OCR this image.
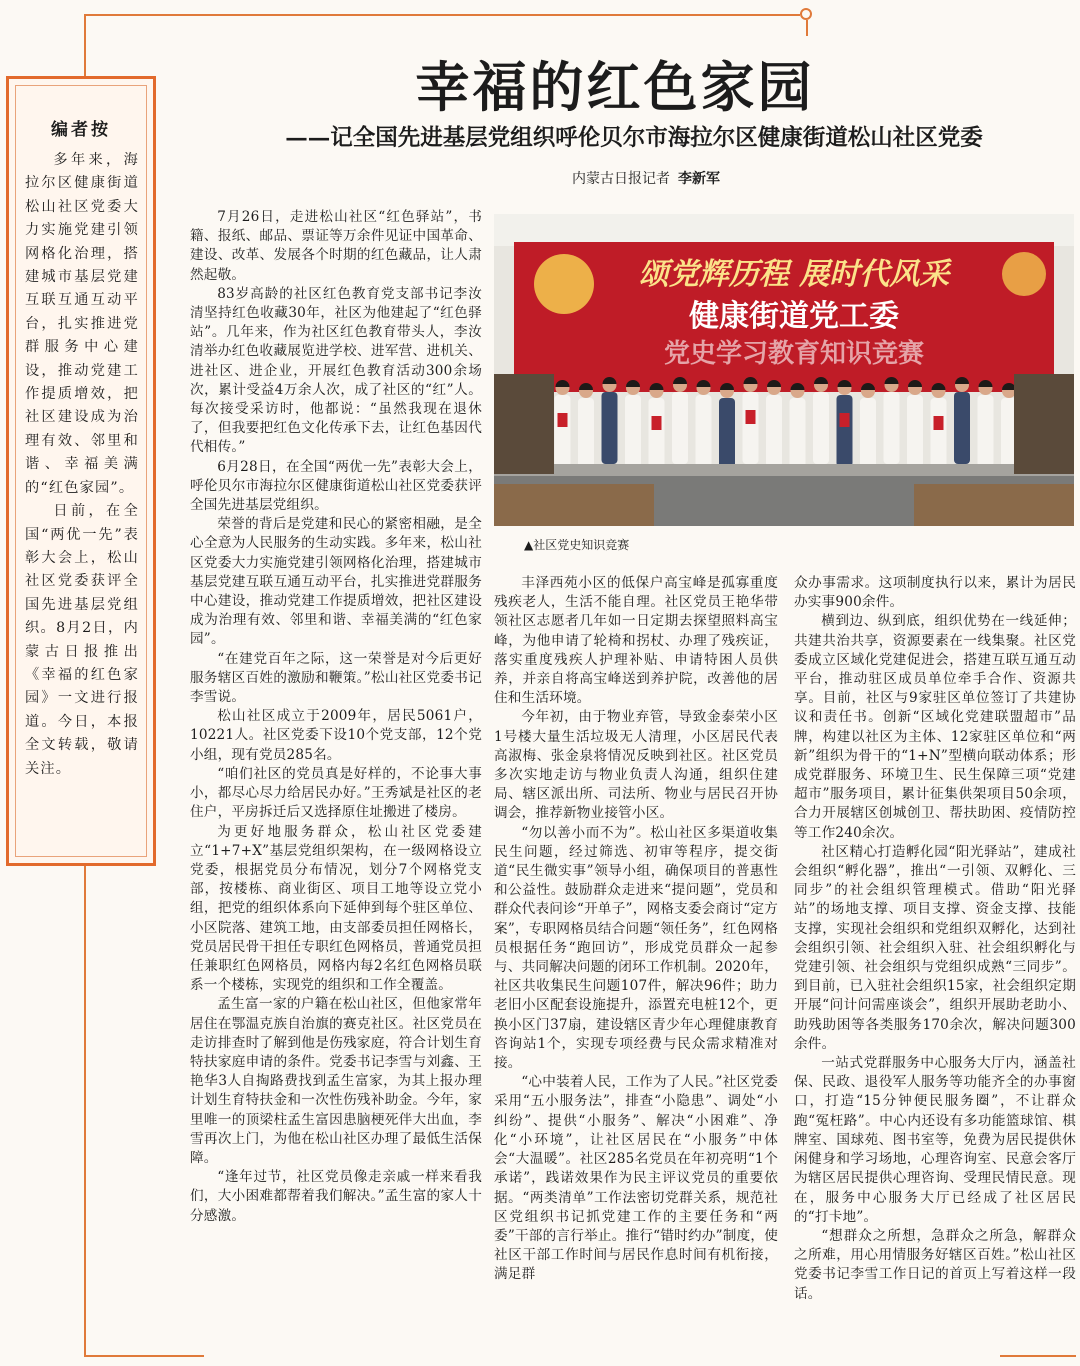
编者按

多年来，海拉尔区健康街道松山社区党委大力实施党建引领网格化治理，搭建城市基层党建互联互通互动平台，扎实推进党群服务中心建设，推动党建工作提质增效，把社区建设成为治理有效、邻里和谐、幸福美满的“红色家园”。

日前，在全国“两优一先”表彰大会上，松山社区党委获评全国先进基层党组织。8月2日，内蒙古日报推出《幸福的红色家园》一文进行报道。今日，本报全文转载，敬请关注。

幸福的红色家园
——记全国先进基层党组织呼伦贝尔市海拉尔区健康街道松山社区党委
内蒙古日报记者 李新军
颂党辉历程 展时代风采
健康街道党工委
党史学习教育知识竞赛
▲社区党史知识竞赛

7月26日，走进松山社区“红色驿站”，书籍、报纸、邮品、票证等万余件见证中国革命、建设、改革、发展各个时期的红色藏品，让人肃然起敬。

83岁高龄的社区红色教育党支部书记李汝清坚持红色收藏30年，社区为他建起了“红色驿站”。几年来，作为社区红色教育带头人，李汝清举办红色收藏展览进学校、进军营、进机关、进社区、进企业，开展红色教育活动300余场次，累计受益4万余人次，成了社区的“红”人。每次接受采访时，他都说：“虽然我现在退休了，但我要把红色文化传承下去，让红色基因代代相传。”

6月28日，在全国“两优一先”表彰大会上，呼伦贝尔市海拉尔区健康街道松山社区党委获评全国先进基层党组织。

荣誉的背后是党建和民心的紧密相融，是全心全意为人民服务的生动实践。多年来，松山社区党委大力实施党建引领网格化治理，搭建城市基层党建互联互通互动平台，扎实推进党群服务中心建设，推动党建工作提质增效，把社区建设成为治理有效、邻里和谐、幸福美满的“红色家园”。

“在建党百年之际，这一荣誉是对今后更好服务辖区百姓的激励和鞭策。”松山社区党委书记李雪说。

松山社区成立于2009年，居民5061户，10221人。社区党委下设10个党支部，12个党小组，现有党员285名。

“咱们社区的党员真是好样的，不论事大事小，都尽心尽力给居民办好。”王秀斌是社区的老住户，平房拆迁后又选择原住址搬进了楼房。

为更好地服务群众，松山社区党委建立“1+7+X”基层党组织架构，在一级网格设立党委，根据党员分布情况，划分7个网格党支部，按楼栋、商业街区、项目工地等设立党小组，把党的组织体系向下延伸到每个驻区单位、小区院落、建筑工地，由支部委员担任网格长，党员居民骨干担任专职红色网格员，普通党员担任兼职红色网格员，网格内每2名红色网格员联系一个楼栋，实现党的组织和工作全覆盖。

孟生富一家的户籍在松山社区，但他家常年居住在鄂温克族自治旗的赛克社区。社区党员在走访排查时了解到他是伤残家庭，符合计划生育特扶家庭申请的条件。党委书记李雪与刘鑫、王艳华3人自掏路费找到孟生富家，为其上报办理计划生育特扶金和一次性伤残补助金。今年，家里唯一的顶梁柱孟生富因患脑梗死伴大出血，李雪再次上门，为他在松山社区办理了最低生活保障。

“逢年过节，社区党员像走亲戚一样来看我们，大小困难都帮着我们解决。”孟生富的家人十分感激。

丰泽西苑小区的低保户高宝峰是孤寡重度残疾老人，生活不能自理。社区党员王艳华带领社区志愿者几年如一日定期去探望照料高宝峰，为他申请了轮椅和拐杖、办理了残疾证，落实重度残疾人护理补贴、申请特困人员供养，并亲自将高宝峰送到养护院，改善他的居住和生活环境。

今年初，由于物业弃管，导致金泰荣小区1号楼大量生活垃圾无人清理，小区居民代表高淑梅、张金泉将情况反映到社区。社区党员多次实地走访与物业负责人沟通，组织住建局、辖区派出所、司法所、物业与居民召开协调会，推荐新物业接管小区。

“勿以善小而不为”。松山社区多渠道收集民生问题，经过筛选、初审等程序，提交街道“民生微实事”领导小组，确保项目的普惠性和公益性。鼓励群众走进来“提问题”，党员和群众代表问诊“开单子”，网格支委会商讨“定方案”，专职网格员结合问题“领任务”，红色网格员根据任务“跑回访”，形成党员群众一起参与、共同解决问题的闭环工作机制。2020年，社区共收集民生问题107件，解决96件；助力老旧小区配套设施提升，添置充电桩12个，更换小区门37扇，建设辖区青少年心理健康教育咨询站1个，实现专项经费与民众需求精准对接。

“心中装着人民，工作为了人民。”社区党委采用“五小服务法”，排查“小隐患”、调处“小纠纷”、提供“小服务”、解决“小困难”、净化“小环境”，让社区居民在“小服务”中体会“大温暖”。社区285名党员在年初亮明“1个承诺”，践诺效果作为民主评议党员的重要依据。“两类清单”工作法密切党群关系，规范社区党组织书记抓党建工作的主要任务和“两委”干部的言行举止。推行“错时约办”制度，使社区干部工作时间与居民作息时间有机衔接，满足群

众办事需求。这项制度执行以来，累计为居民办实事900余件。

横到边、纵到底，组织优势在一线延伸；共建共治共享，资源要素在一线集聚。社区党委成立区域化党建促进会，搭建互联互通互动平台，推动驻区成员单位牵手合作、资源共享。目前，社区与9家驻区单位签订了共建协议和责任书。创新“区域化党建联盟超市”品牌，构建以社区为主体、12家驻区单位和“两新”组织为骨干的“1+N”型横向联动体系；形成党群服务、环境卫生、民生保障三项“党建超市”服务项目，累计征集供架项目50余项，合力开展辖区创城创卫、帮扶助困、疫情防控等工作240余次。

社区精心打造孵化园“阳光驿站”，建成社会组织“孵化器”，推出“一引领、双孵化、三同步”的社会组织管理模式。借助“阳光驿站”的场地支撑、项目支撑、资金支撑、技能支撑，实现社会组织和党组织双孵化，达到社会组织引领、社会组织入驻、社会组织孵化与党建引领、社会组织与党组织成熟“三同步”。到目前，已入驻社会组织15家，社会组织定期开展“问计问需座谈会”，组织开展助老助小、助残助困等各类服务170余次，解决问题300余件。

一站式党群服务中心服务大厅内，涵盖社保、民政、退役军人服务等功能齐全的办事窗口，打造“15分钟便民服务圈”，不让群众跑“冤枉路”。中心内还设有多功能篮球馆、棋牌室、国球苑、图书室等，免费为居民提供休闲健身和学习场地，心理咨询室、民意会客厅为辖区居民提供心理咨询、受理民情民意。现在，服务中心服务大厅已经成了社区居民的“打卡地”。

“想群众之所想，急群众之所急，解群众之所难，用心用情服务好辖区百姓。”松山社区党委书记李雪工作日记的首页上写着这样一段话。
